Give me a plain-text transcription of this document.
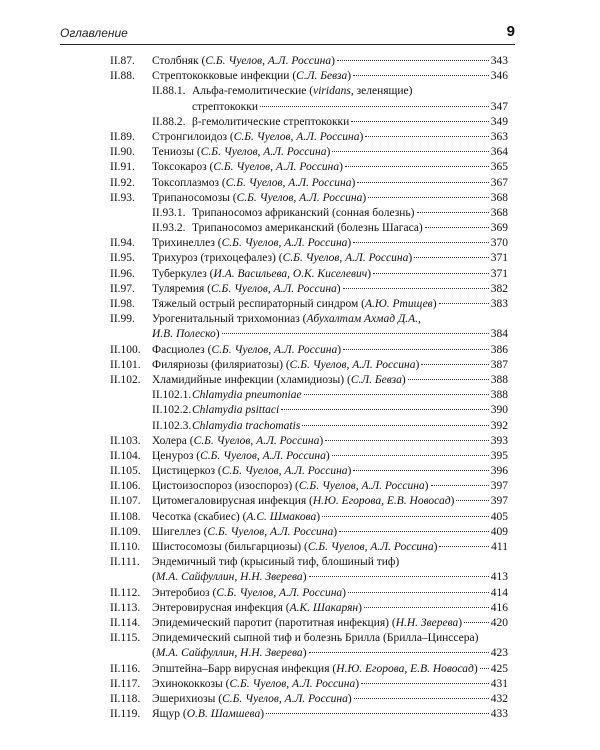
Оглавление	9
II.87.	Столбняк (С.Б. Чуелов, А.Л. Россина)	343
II.88.	Стрептококковые инфекции (С.Л. Бевза)	346
II.88.1. Альфа-гемолитические (viridans, зеленящие)
стрептококки	347
II.88.2. β-гемолитические стрептококки	349
II.89.	Стронгилоидоз (С.Б. Чуелов, А.Л. Россина)	363
II.90.	Тениозы (С.Б. Чуелов, А.Л. Россина)	364
II.91.	Токсокароз (С.Б. Чуелов, А.Л. Россина)	365
II.92.	Токсоплазмоз (С.Б. Чуелов, А.Л. Россина)	367
II.93.	Трипаносомозы (С.Б. Чуелов, А.Л. Россина)	368
II.93.1. Трипаносомоз африканский (сонная болезнь)	368
II.93.2. Трипаносомоз американский (болезнь Шагаса)	369
II.94.	Трихинеллез (С.Б. Чуелов, А.Л. Россина)	370
II.95.	Трихуроз (трихоцефалез) (С.Б. Чуелов, А.Л. Россина)	371
II.96.	Туберкулез (И.А. Васильева, О.К. Киселевич)	371
II.97.	Туляремия (С.Б. Чуелов, А.Л. Россина)	382
II.98.	Тяжелый острый респираторный синдром (А.Ю. Ртищев)	383
II.99.	Урогенитальный трихомониаз (Абухалтам Ахмад Д.А.,
И.В. Полеско)	384
II.100. Фасциолез (С.Б. Чуелов, А.Л. Россина)	386
II.101. Филяриозы (филяриатозы) (С.Б. Чуелов, А.Л. Россина)	387
II.102. Хламидийные инфекции (хламидиозы) (С.Л. Бевза)	388
II.102.1. Chlamydia pneumoniae	388
II.102.2. Chlamydia psittaci	390
II.102.3. Chlamydia trachomatis	392
II.103. Холера (С.Б. Чуелов, А.Л. Россина)	393
II.104. Ценуроз (С.Б. Чуелов, А.Л. Россина)	395
II.105. Цистицеркоз (С.Б. Чуелов, А.Л. Россина)	396
II.106. Цистоизоспороз (изоспороз) (С.Б. Чуелов, А.Л. Россина)	397
II.107. Цитомегаловирусная инфекция (Н.Ю. Егорова, Е.В. Новосад)	397
II.108. Чесотка (скабиес) (А.С. Шмакова)	405
II.109. Шигеллез (С.Б. Чуелов, А.Л. Россина)	409
II.110.	Шистосомозы (бильгарциозы) (С.Б. Чуелов, А.Л. Россина)	411
II.111.	Эндемичный тиф (крысиный тиф, блошиный тиф)
(М.А. Сайфуллин, Н.Н. Зверева)	413
II.112.	Энтеробиоз (С.Б. Чуелов, А.Л. Россина)	414
II.113.	Энтеровирусная инфекция (А.К. Шакарян)	416
II.114.	Эпидемический паротит (паротитная инфекция) (Н.Н. Зверева) 420
II.115.	Эпидемический сыпной тиф и болезнь Брилла (Брилла–Цинссера)
(М.А. Сайфуллин, Н.Н. Зверева)	423
II.116.	Эпштейна–Барр вирусная инфекция (Н.Ю. Егорова, Е.В. Новосад) 425
II.117.	Эхинококкозы (С.Б. Чуелов, А.Л. Россина)	431
II.118.	Эшерихиозы (С.Б. Чуелов, А.Л. Россина)	432
II.119.	Ящур (О.В. Шамшева)	433
